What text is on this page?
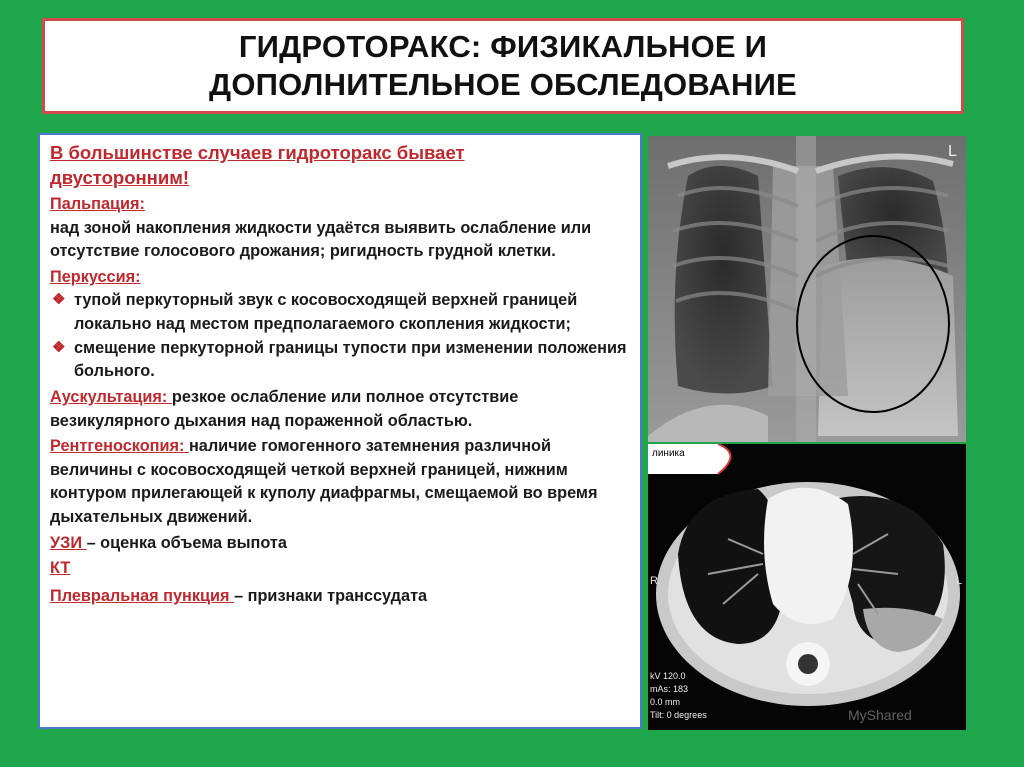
ГИДРОТОРАКС: ФИЗИКАЛЬНОЕ И
ДОПОЛНИТЕЛЬНОЕ ОБСЛЕДОВАНИЕ
В большинстве случаев гидроторакс бывает
двусторонним!
Пальпация:
над зоной накопления жидкости удаётся выявить ослабление или отсутствие голосового дрожания; ригидность грудной клетки.
Перкуссия:
❖ тупой перкуторный звук с косовосходящей верхней границей локально над местом предполагаемого скопления жидкости;
❖ смещение перкуторной границы тупости при изменении положения больного.
Аускультация: резкое ослабление или полное отсутствие везикулярного дыхания над пораженной областью.
Рентгеноскопия: наличие гомогенного затемнения различной величины с косовосходящей четкой верхней границей, нижним контуром прилегающей к куполу диафрагмы, смещаемой во время дыхательных движений.
УЗИ – оценка объема выпота
КТ
Плевральная пункция – признаки транссудата
L
линика
R	L
kV 120.0
mAs: 183
0.0 mm
Tilt: 0 degrees	MyShared
